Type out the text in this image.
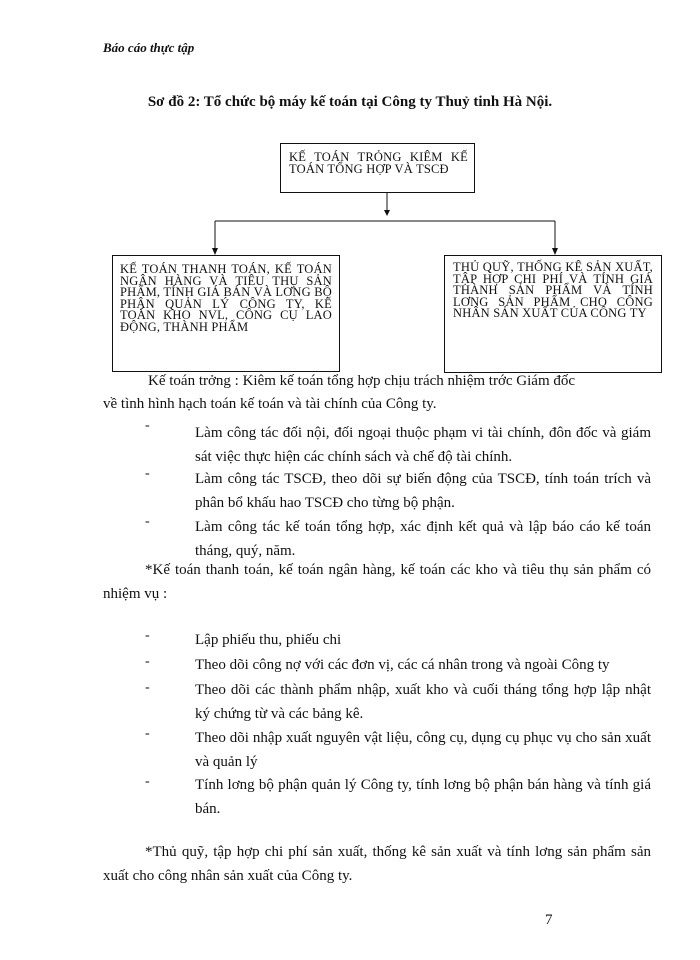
Báo cáo thực tập
Sơ đồ 2: Tổ chức bộ máy kế toán tại Công ty Thuỷ tinh Hà Nội.
Kế toán trởng : Kiêm kế toán tổng hợp chịu trách nhiệm trớc Giám đốc
KẾ TOÁN TRỎNG KIÊM KẾ TOÁN TỔNG HỢP VÀ TSCĐ
KẾ TOÁN THANH TOÁN, KẾ TOÁN NGÂN HÀNG VÀ TIÊU THỤ SẢN PHẨM, TÍNH GIÁ BÁN VÀ LƠNG BỘ PHẬN QUẢN LÝ CÔNG TY, KẾ TOÁN KHO NVL, CÔNG CỤ LAO ĐỘNG, THÀNH PHẨM
THỦ QUỸ, THỐNG KÊ SẢN XUẤT, TẬP HỢP CHI PHÍ VÀ TÍNH GIÁ THÀNH SẢN PHẨM VÀ TÍNH LƠNG SẢN PHẨM CHO CÔNG NHÂN SẢN XUẤT CỦA CÔNG TY
về tình hình hạch toán kế toán và tài chính của Công ty.
-	Làm công tác đối nội, đối ngoại thuộc phạm vi tài chính, đôn đốc và giám sát việc thực hiện các chính sách và chế độ tài chính.
-	Làm công tác TSCĐ, theo dõi sự biến động của TSCĐ, tính toán trích và phân bổ khấu hao TSCĐ cho từng bộ phận.
-	Làm công tác kế toán tổng hợp, xác định kết quả và lập báo cáo kế toán tháng, quý, năm.
*Kế toán thanh toán, kế toán ngân hàng, kế toán các kho và tiêu thụ sản phẩm có nhiệm vụ :
-	Lập phiếu thu, phiếu chi
-	Theo dõi công nợ với các đơn vị, các cá nhân trong và ngoài Công ty
-	Theo dõi các thành phẩm nhập, xuất kho và cuối tháng tổng hợp lập nhật ký chứng từ và các bảng kê.
-	Theo dõi nhập xuất nguyên vật liệu, công cụ, dụng cụ phục vụ cho sản xuất và quản lý
-	Tính lơng bộ phận quản lý Công ty, tính lơng bộ phận bán hàng và tính giá bán.
*Thủ quỹ, tập hợp chi phí sản xuất, thống kê sản xuất và tính lơng sản phẩm sản xuất cho công nhân sản xuất của Công ty.
7
